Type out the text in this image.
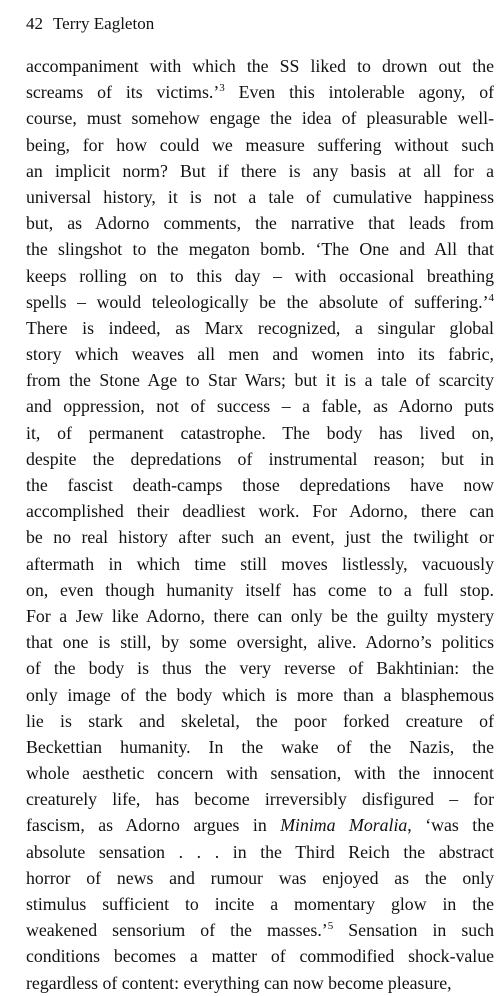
42 Terry Eagleton
accompaniment with which the SS liked to drown out the
screams of its victims.’$^3$ Even this intolerable agony, of
course, must somehow engage the idea of pleasurable well-
being, for how could we measure suffering without such
an implicit norm? But if there is any basis at all for a
universal history, it is not a tale of cumulative happiness
but, as Adorno comments, the narrative that leads from
the slingshot to the megaton bomb. ‘The One and All that
keeps rolling on to this day – with occasional breathing
spells – would teleologically be the absolute of suffering.’$^4$
There is indeed, as Marx recognized, a singular global
story which weaves all men and women into its fabric,
from the Stone Age to Star Wars; but it is a tale of scarcity
and oppression, not of success – a fable, as Adorno puts
it, of permanent catastrophe. The body has lived on,
despite the depredations of instrumental reason; but in
the fascist death-camps those depredations have now
accomplished their deadliest work. For Adorno, there can
be no real history after such an event, just the twilight or
aftermath in which time still moves listlessly, vacuously
on, even though humanity itself has come to a full stop.
For a Jew like Adorno, there can only be the guilty mystery
that one is still, by some oversight, alive. Adorno’s politics
of the body is thus the very reverse of Bakhtinian: the
only image of the body which is more than a blasphemous
lie is stark and skeletal, the poor forked creature of
Beckettian humanity. In the wake of the Nazis, the
whole aesthetic concern with sensation, with the innocent
creaturely life, has become irreversibly disfigured – for
fascism, as Adorno argues in Minima Moralia, ‘was the
absolute sensation . . . in the Third Reich the abstract
horror of news and rumour was enjoyed as the only
stimulus sufficient to incite a momentary glow in the
weakened sensorium of the masses.’$^5$ Sensation in such
conditions becomes a matter of commodified shock-value
regardless of content: everything can now become pleasure,
